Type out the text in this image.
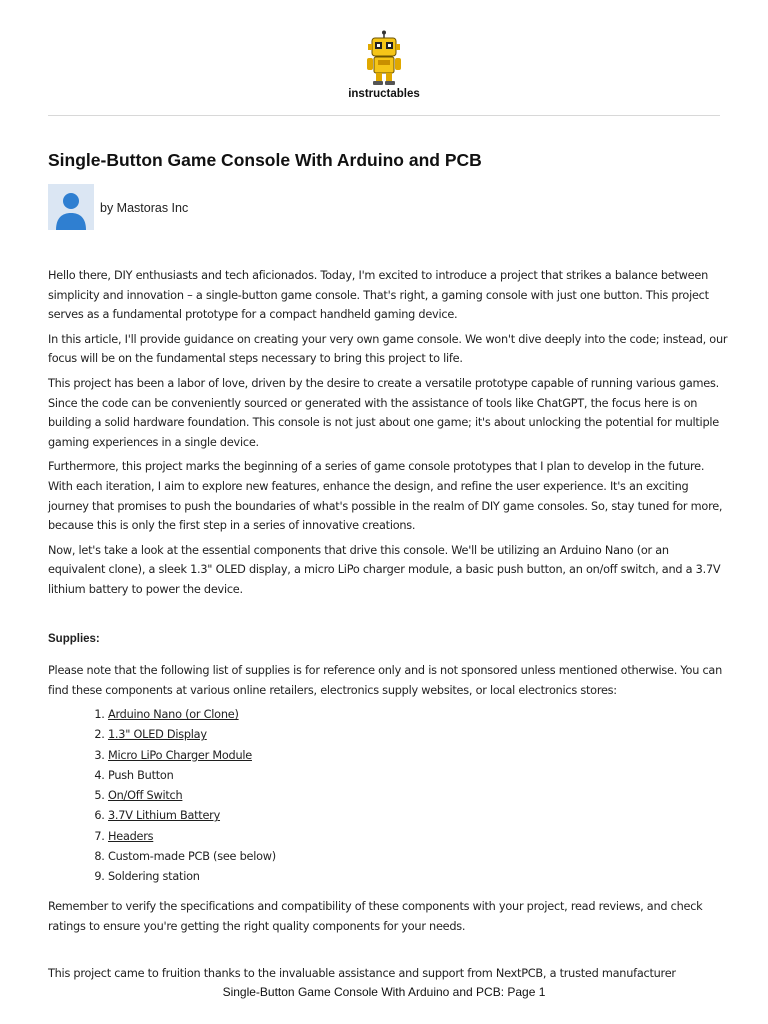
instructables
Single-Button Game Console With Arduino and PCB
by Mastoras Inc

Hello there, DIY enthusiasts and tech aficionados. Today, I'm excited to introduce a project that strikes a balance between simplicity and innovation – a single-button game console. That's right, a gaming console with just one button. This project serves as a fundamental prototype for a compact handheld gaming device.

In this article, I'll provide guidance on creating your very own game console. We won't dive deeply into the code; instead, our focus will be on the fundamental steps necessary to bring this project to life.

This project has been a labor of love, driven by the desire to create a versatile prototype capable of running various games. Since the code can be conveniently sourced or generated with the assistance of tools like ChatGPT, the focus here is on building a solid hardware foundation. This console is not just about one game; it's about unlocking the potential for multiple gaming experiences in a single device.

Furthermore, this project marks the beginning of a series of game console prototypes that I plan to develop in the future. With each iteration, I aim to explore new features, enhance the design, and refine the user experience. It's an exciting journey that promises to push the boundaries of what's possible in the realm of DIY game consoles. So, stay tuned for more, because this is only the first step in a series of innovative creations.

Now, let's take a look at the essential components that drive this console. We'll be utilizing an Arduino Nano (or an equivalent clone), a sleek 1.3" OLED display, a micro LiPo charger module, a basic push button, an on/off switch, and a 3.7V lithium battery to power the device.

Supplies:

Please note that the following list of supplies is for reference only and is not sponsored unless mentioned otherwise. You can find these components at various online retailers, electronics supply websites, or local electronics stores:

1. Arduino Nano (or Clone)
2. 1.3" OLED Display
3. Micro LiPo Charger Module
4. Push Button
5. On/Off Switch
6. 3.7V Lithium Battery
7. Headers
8. Custom-made PCB (see below)
9. Soldering station

Remember to verify the specifications and compatibility of these components with your project, read reviews, and check ratings to ensure you're getting the right quality components for your needs.

This project came to fruition thanks to the invaluable assistance and support from NextPCB, a trusted manufacturer

Single-Button Game Console With Arduino and PCB: Page 1
